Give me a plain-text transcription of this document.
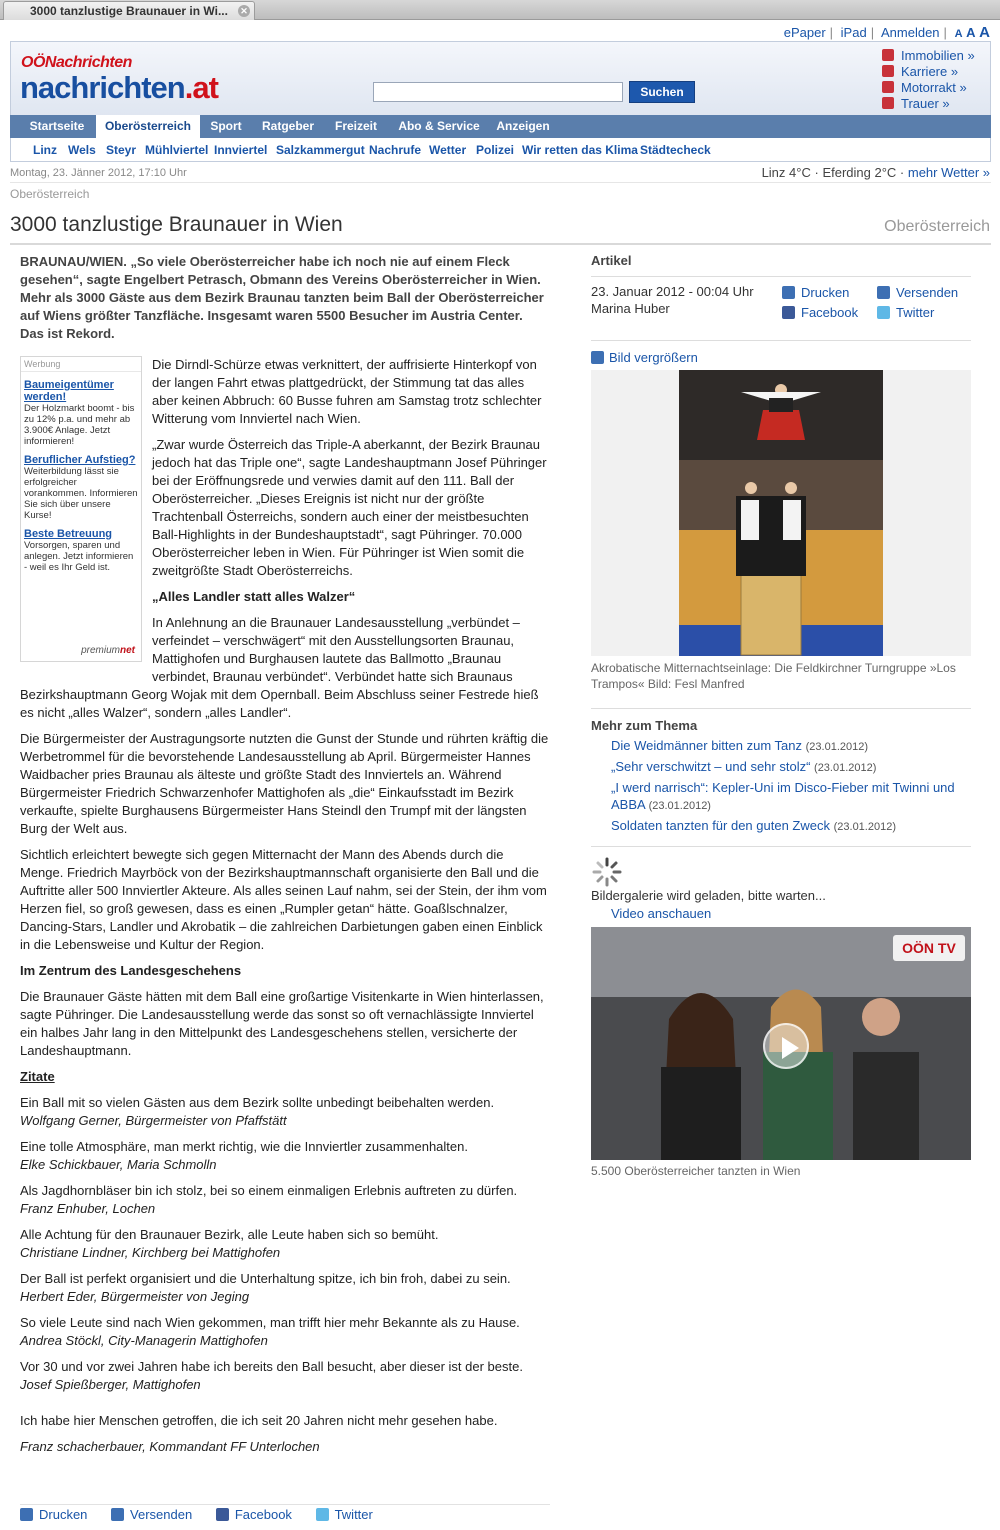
3000 tanzlustige Braunauer in Wi... ✕
ePaper | iPad | Anmelden | A A A
OÖNachrichten
nachrichten.at	Suchen
Immobilien »
Karriere »
Motorrakt »
Trauer »
Startseite	Oberösterreich	Sport	Ratgeber	Freizeit	Abo & Service	Anzeigen
Linz Wels Steyr Mühlviertel Innviertel Salzkammergut Nachrufe Wetter Polizei Wir retten das Klima Städtecheck
Montag, 23. Jänner 2012, 17:10 Uhr	Linz 4°C · Eferding 2°C · mehr Wetter »
Oberösterreich
3000 tanzlustige Braunauer in Wien	Oberösterreich
BRAUNAU/WIEN. „So viele Oberösterreicher habe ich noch nie auf einem Fleck gesehen“, sagte Engelbert Petrasch, Obmann des Vereins Oberösterreicher in Wien. Mehr als 3000 Gäste aus dem Bezirk Braunau tanzten beim Ball der Oberösterreicher auf Wiens größter Tanzfläche. Insgesamt waren 5500 Besucher im Austria Center. Das ist Rekord.
Werbung
Baumeigentümer werden!
Der Holzmarkt boomt - bis zu 12% p.a. und mehr ab 3.900€ Anlage. Jetzt informieren!
Beruflicher Aufstieg?
Weiterbildung lässt sie erfolgreicher vorankommen. Informieren Sie sich über unsere Kurse!
Beste Betreuung
Vorsorgen, sparen und anlegen. Jetzt informieren - weil es Ihr Geld ist.
premiumnet
Die Dirndl-Schürze etwas verknittert, der auffrisierte Hinterkopf von der langen Fahrt etwas plattgedrückt, der Stimmung tat das alles aber keinen Abbruch: 60 Busse fuhren am Samstag trotz schlechter Witterung vom Innviertel nach Wien.
„Zwar wurde Österreich das Triple-A aberkannt, der Bezirk Braunau jedoch hat das Triple one“, sagte Landeshauptmann Josef Pühringer bei der Eröffnungsrede und verwies damit auf den 111. Ball der Oberösterreicher. „Dieses Ereignis ist nicht nur der größte Trachtenball Österreichs, sondern auch einer der meistbesuchten Ball-Highlights in der Bundeshauptstadt“, sagt Pühringer. 70.000 Oberösterreicher leben in Wien. Für Pühringer ist Wien somit die zweitgrößte Stadt Oberösterreichs.
„Alles Landler statt alles Walzer“
In Anlehnung an die Braunauer Landesausstellung „verbündet – verfeindet – verschwägert“ mit den Ausstellungsorten Braunau, Mattighofen und Burghausen lautete das Ballmotto „Braunau verbindet, Braunau verbündet“. Verbündet hatte sich Braunaus
Bezirkshauptmann Georg Wojak mit dem Opernball. Beim Abschluss seiner Festrede hieß es nicht „alles Walzer“, sondern „alles Landler“.
Die Bürgermeister der Austragungsorte nutzten die Gunst der Stunde und rührten kräftig die Werbetrommel für die bevorstehende Landesausstellung ab April. Bürgermeister Hannes Waidbacher pries Braunau als älteste und größte Stadt des Innviertels an. Während Bürgermeister Friedrich Schwarzenhofer Mattighofen als „die“ Einkaufsstadt im Bezirk verkaufte, spielte Burghausens Bürgermeister Hans Steindl den Trumpf mit der längsten Burg der Welt aus.
Sichtlich erleichtert bewegte sich gegen Mitternacht der Mann des Abends durch die Menge. Friedrich Mayrböck von der Bezirkshauptmannschaft organisierte den Ball und die Auftritte aller 500 Innviertler Akteure. Als alles seinen Lauf nahm, sei der Stein, der ihm vom Herzen fiel, so groß gewesen, dass es einen „Rumpler getan“ hätte. Goaßlschnalzer, Dancing-Stars, Landler und Akrobatik – die zahlreichen Darbietungen gaben einen Einblick in die Lebensweise und Kultur der Region.
Im Zentrum des Landesgeschehens
Die Braunauer Gäste hätten mit dem Ball eine großartige Visitenkarte in Wien hinterlassen, sagte Pühringer. Die Landesausstellung werde das sonst so oft vernachlässigte Innviertel ein halbes Jahr lang in den Mittelpunkt des Landesgeschehens stellen, versicherte der Landeshauptmann.
Zitate
Ein Ball mit so vielen Gästen aus dem Bezirk sollte unbedingt beibehalten werden.
Wolfgang Gerner, Bürgermeister von Pfaffstätt
Eine tolle Atmosphäre, man merkt richtig, wie die Innviertler zusammenhalten.
Elke Schickbauer, Maria Schmolln
Als Jagdhornbläser bin ich stolz, bei so einem einmaligen Erlebnis auftreten zu dürfen.
Franz Enhuber, Lochen
Alle Achtung für den Braunauer Bezirk, alle Leute haben sich so bemüht.
Christiane Lindner, Kirchberg bei Mattighofen
Der Ball ist perfekt organisiert und die Unterhaltung spitze, ich bin froh, dabei zu sein.
Herbert Eder, Bürgermeister von Jeging
So viele Leute sind nach Wien gekommen, man trifft hier mehr Bekannte als zu Hause.
Andrea Stöckl, City-Managerin Mattighofen
Vor 30 und vor zwei Jahren habe ich bereits den Ball besucht, aber dieser ist der beste.
Josef Spießberger, Mattighofen
Ich habe hier Menschen getroffen, die ich seit 20 Jahren nicht mehr gesehen habe.
Franz schacherbauer, Kommandant FF Unterlochen
Drucken	Versenden	Facebook	Twitter
Artikel
23. Januar 2012 - 00:04 Uhr
Marina Huber
Drucken
Facebook
Versenden
Twitter
Bild vergrößern
Akrobatische Mitternachtseinlage: Die Feldkirchner Turngruppe »Los Trampos« Bild: Fesl Manfred
Mehr zum Thema
Die Weidmänner bitten zum Tanz (23.01.2012)
„Sehr verschwitzt – und sehr stolz“ (23.01.2012)
„I werd narrisch“: Kepler-Uni im Disco-Fieber mit Twinni und ABBA (23.01.2012)
Soldaten tanzten für den guten Zweck (23.01.2012)
Bildergalerie wird geladen, bitte warten...
Video anschauen
OÖN TV
5.500 Oberösterreicher tanzten in Wien
